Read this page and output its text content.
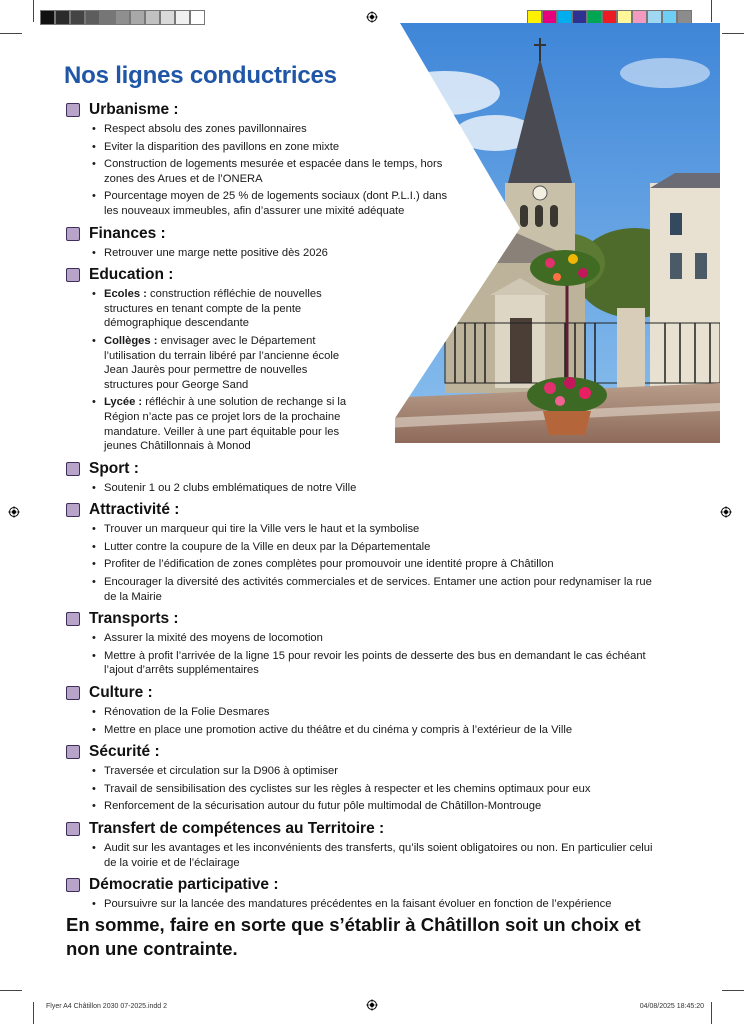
Nos lignes conductrices
Urbanisme :
• Respect absolu des zones pavillonnaires
• Eviter la disparition des pavillons en zone mixte
• Construction de logements mesurée et espacée dans le temps, hors zones des Arues et de l’ONERA
• Pourcentage moyen de 25 % de logements sociaux (dont P.L.I.) dans les nouveaux immeubles, afin d’assurer une mixité adéquate
Finances :
• Retrouver une marge nette positive dès 2026
Education :
• Ecoles : construction réfléchie de nouvelles structures en tenant compte de la pente démographique descendante
• Collèges : envisager avec le Département l’utilisation du terrain libéré par l’ancienne école Jean Jaurès pour permettre de nouvelles structures pour George Sand
• Lycée : réfléchir à une solution de rechange si la Région n’acte pas ce projet lors de la prochaine mandature. Veiller à une part équitable pour les jeunes Châtillonnais à Monod
Sport :
• Soutenir 1 ou 2 clubs emblématiques de notre Ville
Attractivité :
• Trouver un marqueur qui tire la Ville vers le haut et la symbolise
• Lutter contre la coupure de la Ville en deux par la Départementale
• Profiter de l’édification de zones complètes pour promouvoir une identité propre à Châtillon
• Encourager la diversité des activités commerciales et de services. Entamer une action pour redynamiser la rue de la Mairie
Transports :
• Assurer la mixité des moyens de locomotion
• Mettre à profit l’arrivée de la ligne 15 pour revoir les points de desserte des bus en demandant le cas échéant l’ajout d’arrêts supplémentaires
Culture :
• Rénovation de la Folie Desmares
• Mettre en place une promotion active du théâtre et du cinéma y compris à l’extérieur de la Ville
Sécurité :
• Traversée et circulation sur la D906 à optimiser
• Travail de sensibilisation des cyclistes sur les règles à respecter et les chemins optimaux pour eux
• Renforcement de la sécurisation autour du futur pôle multimodal de Châtillon-Montrouge
Transfert de compétences au Territoire :
• Audit sur les avantages et les inconvénients des transferts, qu’ils soient obligatoires ou non. En particulier celui de la voirie et de l’éclairage
Démocratie participative :
• Poursuivre sur la lancée des mandatures précédentes en la faisant évoluer en fonction de l’expérience

En somme, faire en sorte que s’établir à Châtillon soit un choix et non une contrainte.

Flyer A4 Châtillon 2030 07-2025.indd 2	04/08/2025 18:45:20
